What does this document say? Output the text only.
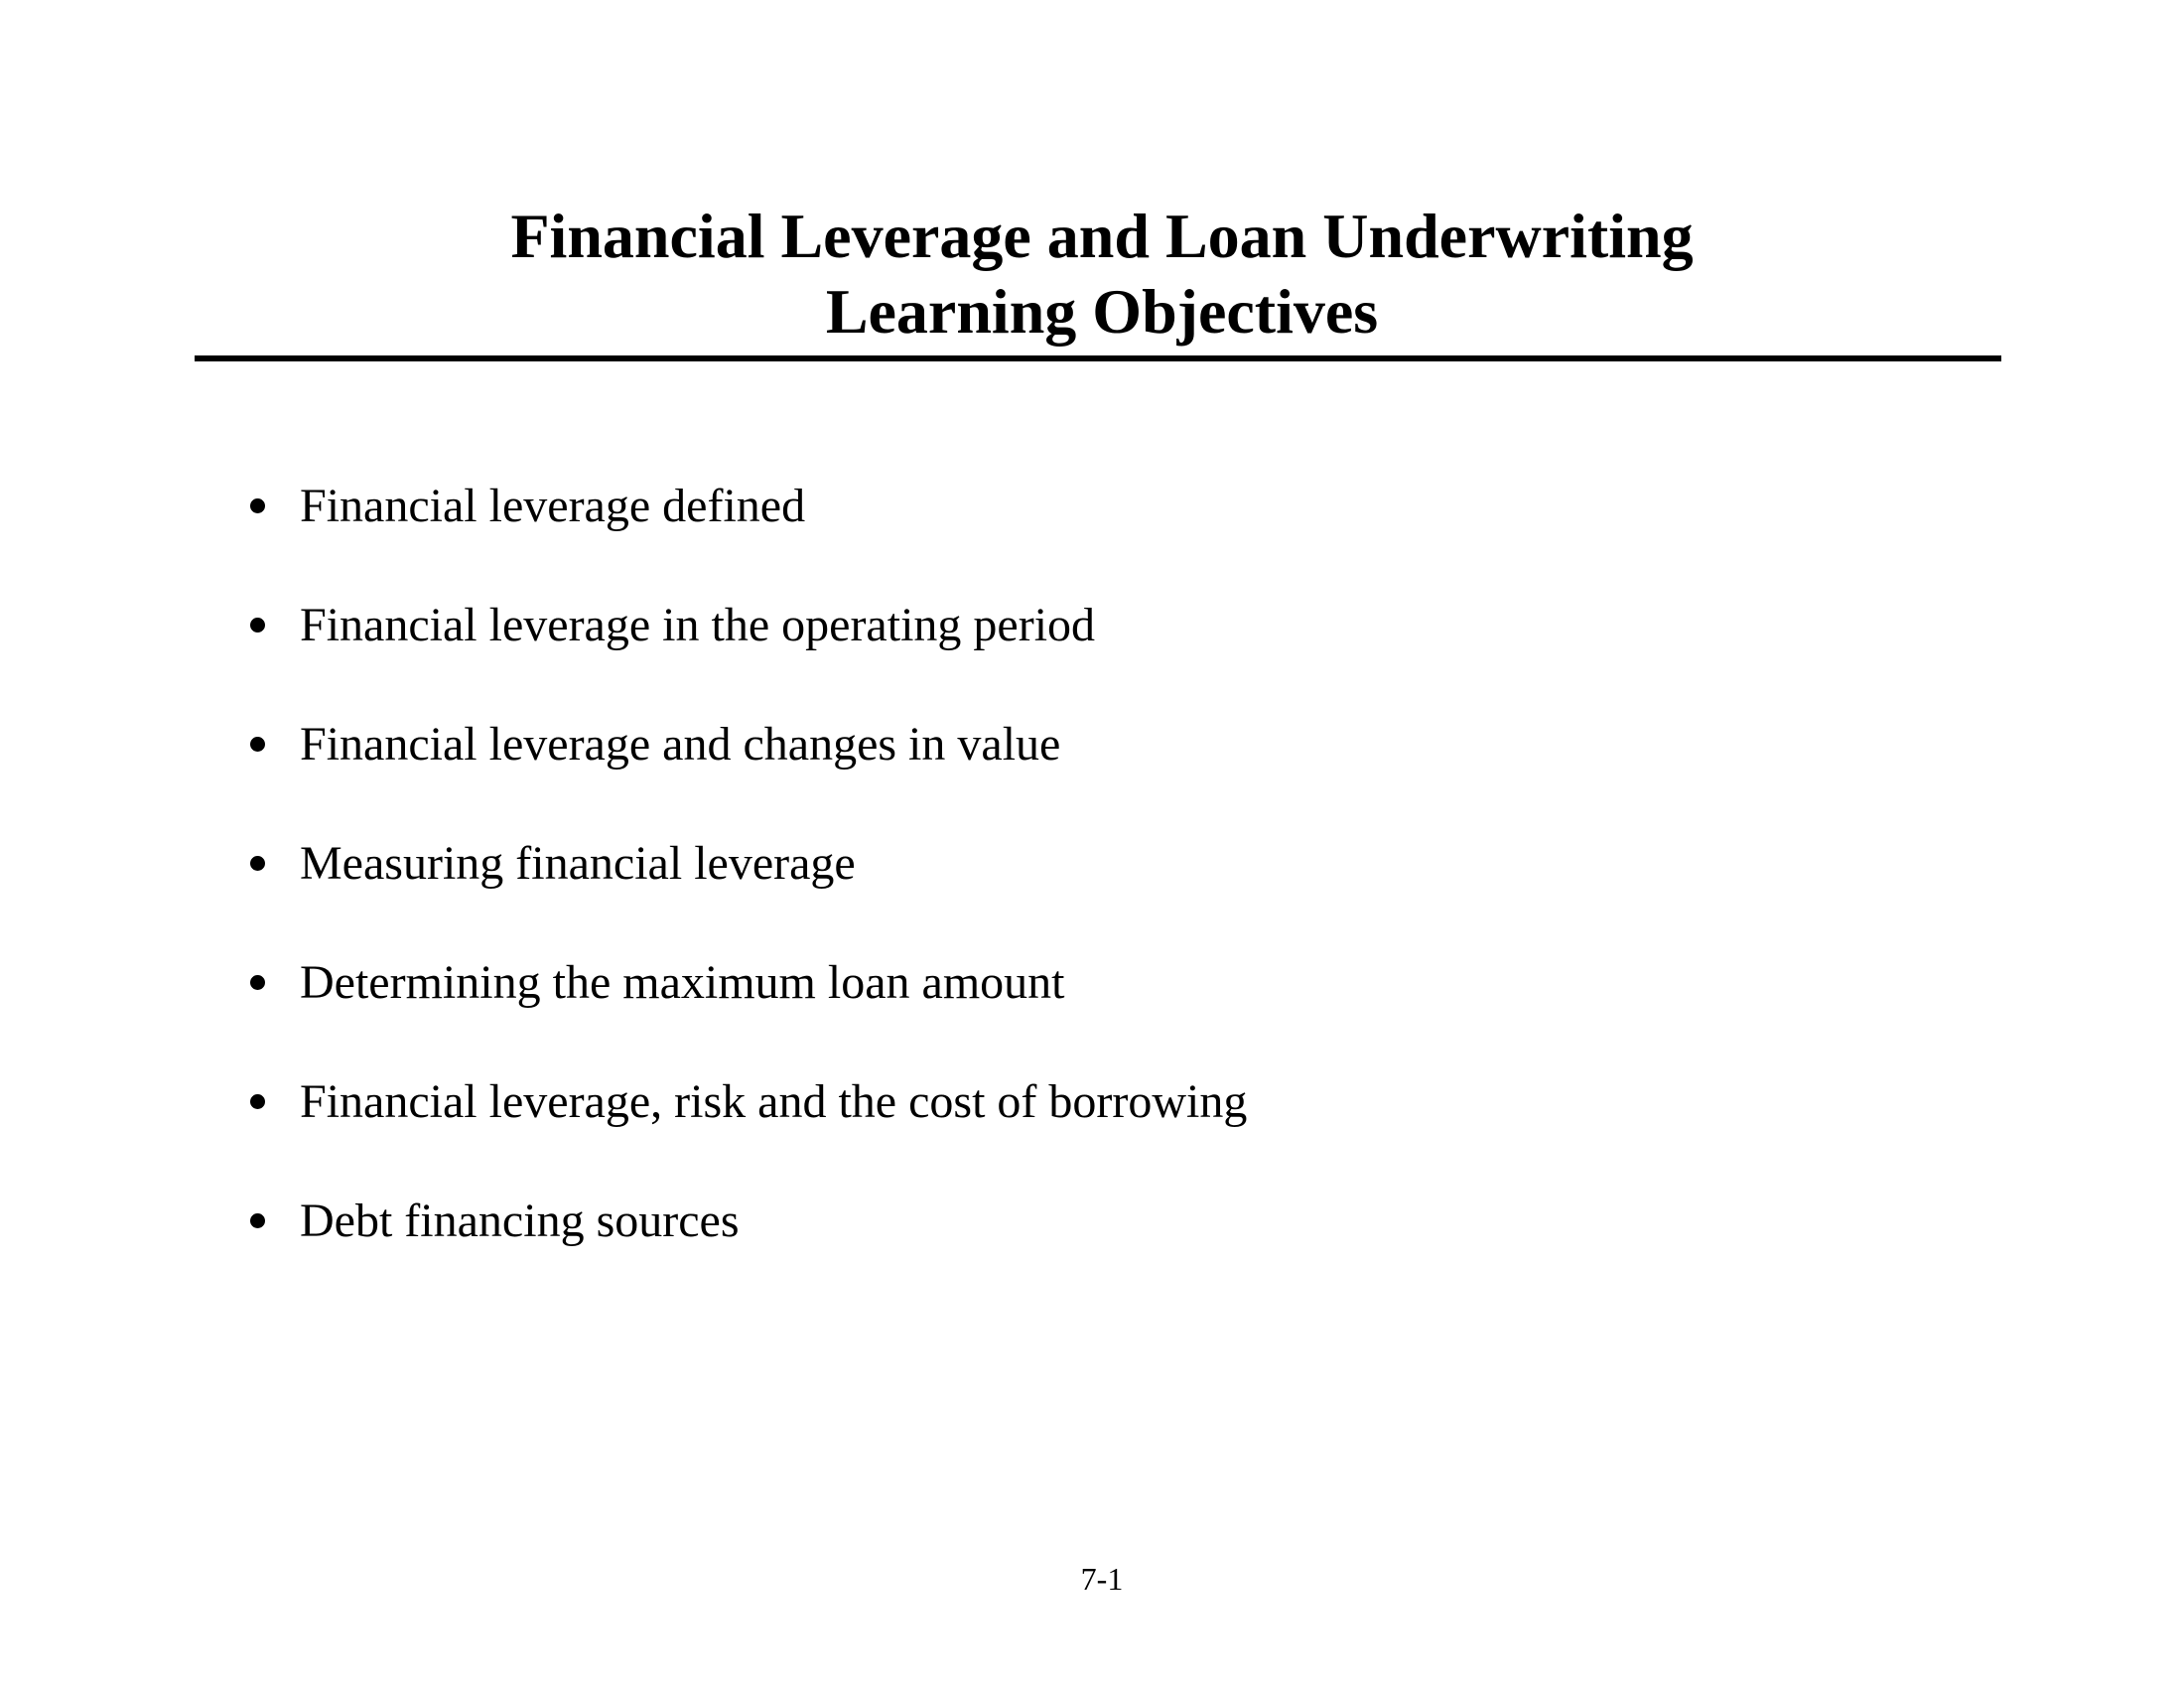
Financial Leverage and Loan Underwriting
Learning Objectives
Financial leverage defined
Financial leverage in the operating period
Financial leverage and changes in value
Measuring financial leverage
Determining the maximum loan amount
Financial leverage, risk and the cost of borrowing
Debt financing sources
7-1
